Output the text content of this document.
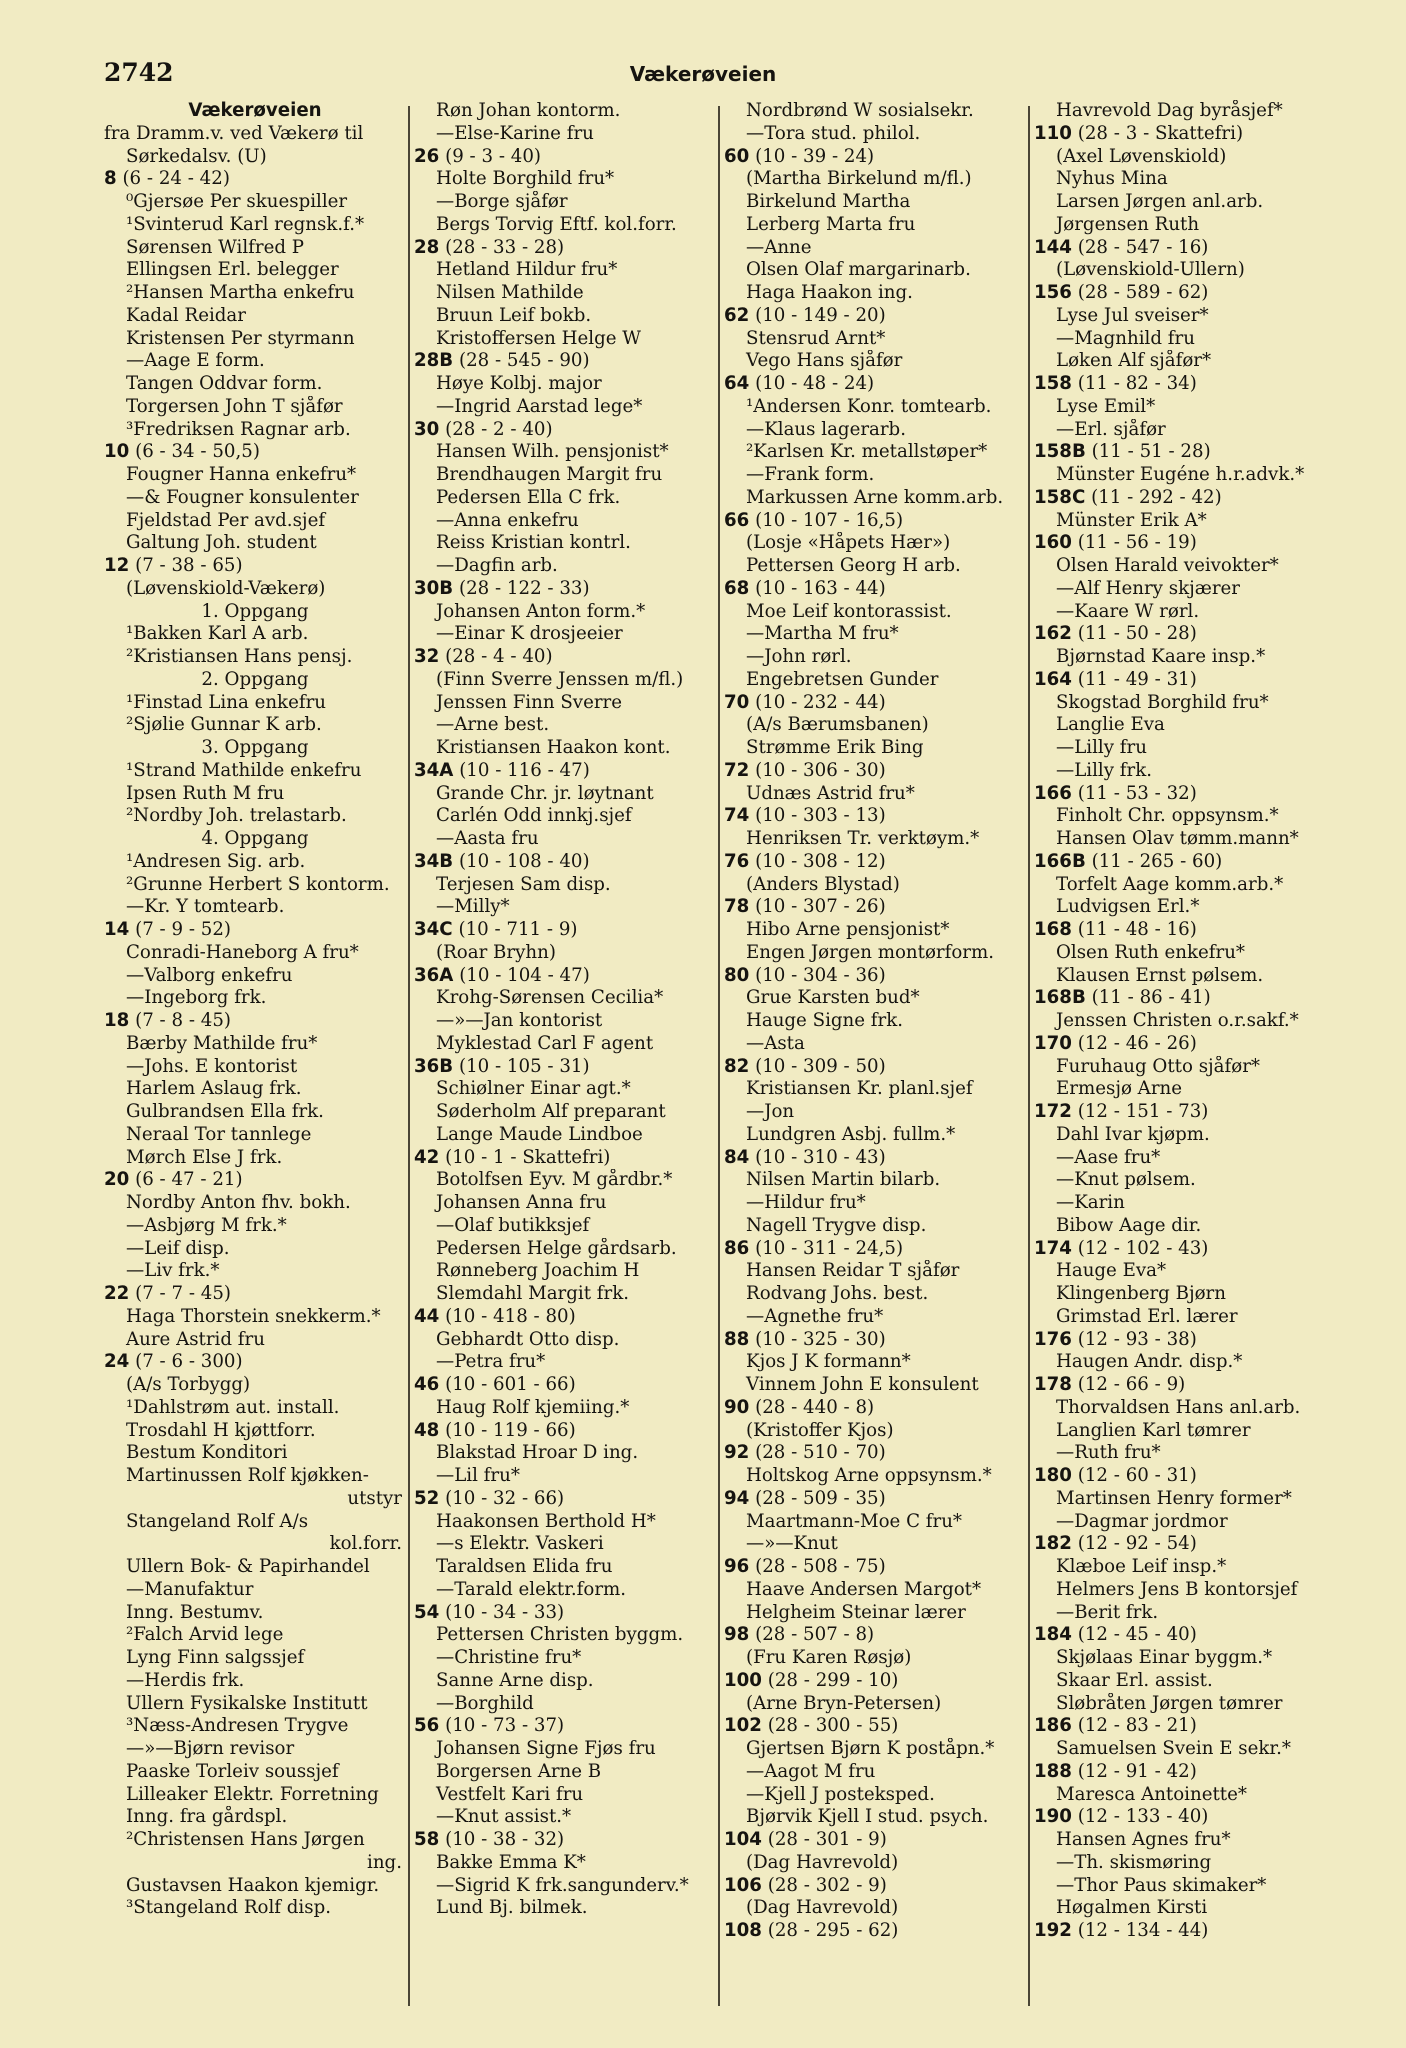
2742	Vækerøveien
Vækerøveien
fra Dramm.v. ved Vækerø til
Sørkedalsv. (U)
8 (6 - 24 - 42)
⁰Gjersøe Per skuespiller
¹Svinterud Karl regnsk.f.*
Sørensen Wilfred P
Ellingsen Erl. belegger
²Hansen Martha enkefru
Kadal Reidar
Kristensen Per styrmann
—Aage E form.
Tangen Oddvar form.
Torgersen John T sjåfør
³Fredriksen Ragnar arb.
10 (6 - 34 - 50,5)
Fougner Hanna enkefru*
—& Fougner konsulenter
Fjeldstad Per avd.sjef
Galtung Joh. student
12 (7 - 38 - 65)
(Løvenskiold-Vækerø)
1. Oppgang
¹Bakken Karl A arb.
²Kristiansen Hans pensj.
2. Oppgang
¹Finstad Lina enkefru
²Sjølie Gunnar K arb.
3. Oppgang
¹Strand Mathilde enkefru
Ipsen Ruth M fru
²Nordby Joh. trelastarb.
4. Oppgang
¹Andresen Sig. arb.
²Grunne Herbert S kontorm.
—Kr. Y tomtearb.
14 (7 - 9 - 52)
Conradi-Haneborg A fru*
—Valborg enkefru
—Ingeborg frk.
18 (7 - 8 - 45)
Bærby Mathilde fru*
—Johs. E kontorist
Harlem Aslaug frk.
Gulbrandsen Ella frk.
Neraal Tor tannlege
Mørch Else J frk.
20 (6 - 47 - 21)
Nordby Anton fhv. bokh.
—Asbjørg M frk.*
—Leif disp.
—Liv frk.*
22 (7 - 7 - 45)
Haga Thorstein snekkerm.*
Aure Astrid fru
24 (7 - 6 - 300)
(A/s Torbygg)
¹Dahlstrøm aut. install.
Trosdahl H kjøttforr.
Bestum Konditori
Martinussen Rolf kjøkken-
utstyr
Stangeland Rolf A/s
kol.forr.
Ullern Bok- & Papirhandel
—Manufaktur
Inng. Bestumv.
²Falch Arvid lege
Lyng Finn salgssjef
—Herdis frk.
Ullern Fysikalske Institutt
³Næss-Andresen Trygve
—»—Bjørn revisor
Paaske Torleiv soussjef
Lilleaker Elektr. Forretning
Inng. fra gårdspl.
²Christensen Hans Jørgen
ing.
Gustavsen Haakon kjemigr.
³Stangeland Rolf disp.
Røn Johan kontorm.
—Else-Karine fru
26 (9 - 3 - 40)
Holte Borghild fru*
—Borge sjåfør
Bergs Torvig Eftf. kol.forr.
28 (28 - 33 - 28)
Hetland Hildur fru*
Nilsen Mathilde
Bruun Leif bokb.
Kristoffersen Helge W
28B (28 - 545 - 90)
Høye Kolbj. major
—Ingrid Aarstad lege*
30 (28 - 2 - 40)
Hansen Wilh. pensjonist*
Brendhaugen Margit fru
Pedersen Ella C frk.
—Anna enkefru
Reiss Kristian kontrl.
—Dagfin arb.
30B (28 - 122 - 33)
Johansen Anton form.*
—Einar K drosjeeier
32 (28 - 4 - 40)
(Finn Sverre Jenssen m/fl.)
Jenssen Finn Sverre
—Arne best.
Kristiansen Haakon kont.
34A (10 - 116 - 47)
Grande Chr. jr. løytnant
Carlén Odd innkj.sjef
—Aasta fru
34B (10 - 108 - 40)
Terjesen Sam disp.
—Milly*
34C (10 - 711 - 9)
(Roar Bryhn)
36A (10 - 104 - 47)
Krohg-Sørensen Cecilia*
—»—Jan kontorist
Myklestad Carl F agent
36B (10 - 105 - 31)
Schiølner Einar agt.*
Søderholm Alf preparant
Lange Maude Lindboe
42 (10 - 1 - Skattefri)
Botolfsen Eyv. M gårdbr.*
Johansen Anna fru
—Olaf butikksjef
Pedersen Helge gårdsarb.
Rønneberg Joachim H
Slemdahl Margit frk.
44 (10 - 418 - 80)
Gebhardt Otto disp.
—Petra fru*
46 (10 - 601 - 66)
Haug Rolf kjemiing.*
48 (10 - 119 - 66)
Blakstad Hroar D ing.
—Lil fru*
52 (10 - 32 - 66)
Haakonsen Berthold H*
—s Elektr. Vaskeri
Taraldsen Elida fru
—Tarald elektr.form.
54 (10 - 34 - 33)
Pettersen Christen byggm.
—Christine fru*
Sanne Arne disp.
—Borghild
56 (10 - 73 - 37)
Johansen Signe Fjøs fru
Borgersen Arne B
Vestfelt Kari fru
—Knut assist.*
58 (10 - 38 - 32)
Bakke Emma K*
—Sigrid K frk.sangunderv.*
Lund Bj. bilmek.
Nordbrønd W sosialsekr.
—Tora stud. philol.
60 (10 - 39 - 24)
(Martha Birkelund m/fl.)
Birkelund Martha
Lerberg Marta fru
—Anne
Olsen Olaf margarinarb.
Haga Haakon ing.
62 (10 - 149 - 20)
Stensrud Arnt*
Vego Hans sjåfør
64 (10 - 48 - 24)
¹Andersen Konr. tomtearb.
—Klaus lagerarb.
²Karlsen Kr. metallstøper*
—Frank form.
Markussen Arne komm.arb.
66 (10 - 107 - 16,5)
(Losje «Håpets Hær»)
Pettersen Georg H arb.
68 (10 - 163 - 44)
Moe Leif kontorassist.
—Martha M fru*
—John rørl.
Engebretsen Gunder
70 (10 - 232 - 44)
(A/s Bærumsbanen)
Strømme Erik Bing
72 (10 - 306 - 30)
Udnæs Astrid fru*
74 (10 - 303 - 13)
Henriksen Tr. verktøym.*
76 (10 - 308 - 12)
(Anders Blystad)
78 (10 - 307 - 26)
Hibo Arne pensjonist*
Engen Jørgen montørform.
80 (10 - 304 - 36)
Grue Karsten bud*
Hauge Signe frk.
—Asta
82 (10 - 309 - 50)
Kristiansen Kr. planl.sjef
—Jon
Lundgren Asbj. fullm.*
84 (10 - 310 - 43)
Nilsen Martin bilarb.
—Hildur fru*
Nagell Trygve disp.
86 (10 - 311 - 24,5)
Hansen Reidar T sjåfør
Rodvang Johs. best.
—Agnethe fru*
88 (10 - 325 - 30)
Kjos J K formann*
Vinnem John E konsulent
90 (28 - 440 - 8)
(Kristoffer Kjos)
92 (28 - 510 - 70)
Holtskog Arne oppsynsm.*
94 (28 - 509 - 35)
Maartmann-Moe C fru*
—»—Knut
96 (28 - 508 - 75)
Haave Andersen Margot*
Helgheim Steinar lærer
98 (28 - 507 - 8)
(Fru Karen Røsjø)
100 (28 - 299 - 10)
(Arne Bryn-Petersen)
102 (28 - 300 - 55)
Gjertsen Bjørn K poståpn.*
—Aagot M fru
—Kjell J posteksped.
Bjørvik Kjell I stud. psych.
104 (28 - 301 - 9)
(Dag Havrevold)
106 (28 - 302 - 9)
(Dag Havrevold)
108 (28 - 295 - 62)
Havrevold Dag byråsjef*
110 (28 - 3 - Skattefri)
(Axel Løvenskiold)
Nyhus Mina
Larsen Jørgen anl.arb.
Jørgensen Ruth
144 (28 - 547 - 16)
(Løvenskiold-Ullern)
156 (28 - 589 - 62)
Lyse Jul sveiser*
—Magnhild fru
Løken Alf sjåfør*
158 (11 - 82 - 34)
Lyse Emil*
—Erl. sjåfør
158B (11 - 51 - 28)
Münster Eugéne h.r.advk.*
158C (11 - 292 - 42)
Münster Erik A*
160 (11 - 56 - 19)
Olsen Harald veivokter*
—Alf Henry skjærer
—Kaare W rørl.
162 (11 - 50 - 28)
Bjørnstad Kaare insp.*
164 (11 - 49 - 31)
Skogstad Borghild fru*
Langlie Eva
—Lilly fru
—Lilly frk.
166 (11 - 53 - 32)
Finholt Chr. oppsynsm.*
Hansen Olav tømm.mann*
166B (11 - 265 - 60)
Torfelt Aage komm.arb.*
Ludvigsen Erl.*
168 (11 - 48 - 16)
Olsen Ruth enkefru*
Klausen Ernst pølsem.
168B (11 - 86 - 41)
Jenssen Christen o.r.sakf.*
170 (12 - 46 - 26)
Furuhaug Otto sjåfør*
Ermesjø Arne
172 (12 - 151 - 73)
Dahl Ivar kjøpm.
—Aase fru*
—Knut pølsem.
—Karin
Bibow Aage dir.
174 (12 - 102 - 43)
Hauge Eva*
Klingenberg Bjørn
Grimstad Erl. lærer
176 (12 - 93 - 38)
Haugen Andr. disp.*
178 (12 - 66 - 9)
Thorvaldsen Hans anl.arb.
Langlien Karl tømrer
—Ruth fru*
180 (12 - 60 - 31)
Martinsen Henry former*
—Dagmar jordmor
182 (12 - 92 - 54)
Klæboe Leif insp.*
Helmers Jens B kontorsjef
—Berit frk.
184 (12 - 45 - 40)
Skjølaas Einar byggm.*
Skaar Erl. assist.
Sløbråten Jørgen tømrer
186 (12 - 83 - 21)
Samuelsen Svein E sekr.*
188 (12 - 91 - 42)
Maresca Antoinette*
190 (12 - 133 - 40)
Hansen Agnes fru*
—Th. skismøring
—Thor Paus skimaker*
Høgalmen Kirsti
192 (12 - 134 - 44)
